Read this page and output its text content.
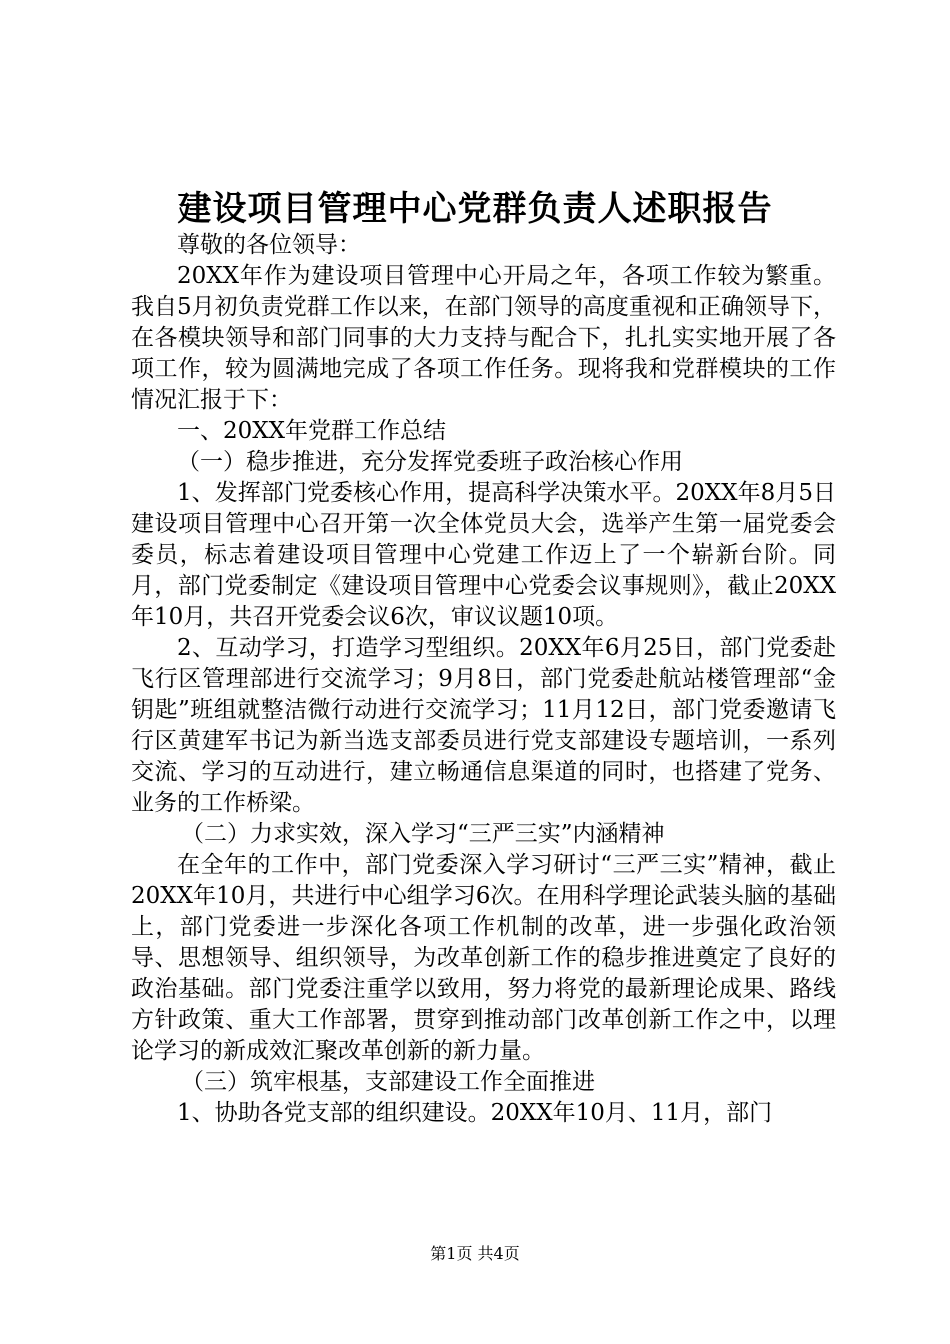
建设项目管理中心党群负责人述职报告

尊敬的各位领导：

20XX年作为建设项目管理中心开局之年，各项工作较为繁重。我自5月初负责党群工作以来，在部门领导的高度重视和正确领导下，在各模块领导和部门同事的大力支持与配合下，扎扎实实地开展了各项工作，较为圆满地完成了各项工作任务。现将我和党群模块的工作情况汇报于下：

一、20XX年党群工作总结

（一）稳步推进，充分发挥党委班子政治核心作用

1、发挥部门党委核心作用，提高科学决策水平。20XX年8月5日建设项目管理中心召开第一次全体党员大会，选举产生第一届党委会委员，标志着建设项目管理中心党建工作迈上了一个崭新台阶。同月，部门党委制定《建设项目管理中心党委会议事规则》，截止20XX年10月，共召开党委会议6次，审议议题10项。

2、互动学习，打造学习型组织。20XX年6月25日，部门党委赴飞行区管理部进行交流学习；9月8日，部门党委赴航站楼管理部“金钥匙”班组就整洁微行动进行交流学习；11月12日，部门党委邀请飞行区黄建军书记为新当选支部委员进行党支部建设专题培训，一系列交流、学习的互动进行，建立畅通信息渠道的同时，也搭建了党务、业务的工作桥梁。

（二）力求实效，深入学习“三严三实”内涵精神

在全年的工作中，部门党委深入学习研讨“三严三实”精神，截止20XX年10月，共进行中心组学习6次。在用科学理论武装头脑的基础上，部门党委进一步深化各项工作机制的改革，进一步强化政治领导、思想领导、组织领导，为改革创新工作的稳步推进奠定了良好的政治基础。部门党委注重学以致用，努力将党的最新理论成果、路线方针政策、重大工作部署，贯穿到推动部门改革创新工作之中，以理论学习的新成效汇聚改革创新的新力量。

（三）筑牢根基，支部建设工作全面推进

1、协助各党支部的组织建设。20XX年10月、11月，部门

第1页 共4页
